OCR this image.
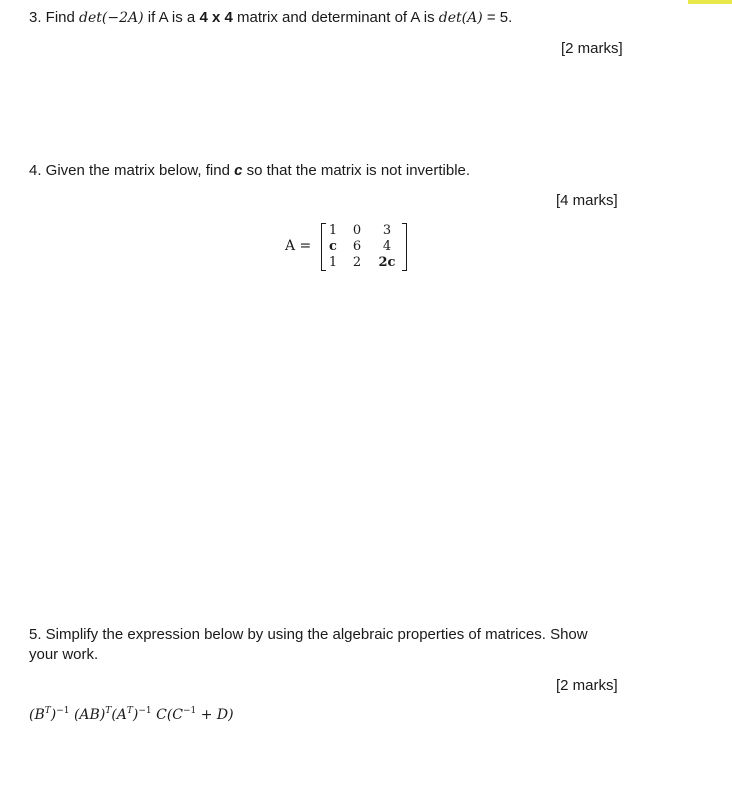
3. Find det(−2A) if A is a 4 x 4 matrix and determinant of A is det(A) = 5.
[2 marks]
4. Given the matrix below, find c so that the matrix is not invertible.
[4 marks]
A =
1	0	3
c	6	4
1	2	2c
5. Simplify the expression below by using the algebraic properties of matrices. Show
your work.
[2 marks]
$(B^T)^{-1}$ $(AB)^T(A^T)^{-1}$ $C(C^{-1} + D)$
